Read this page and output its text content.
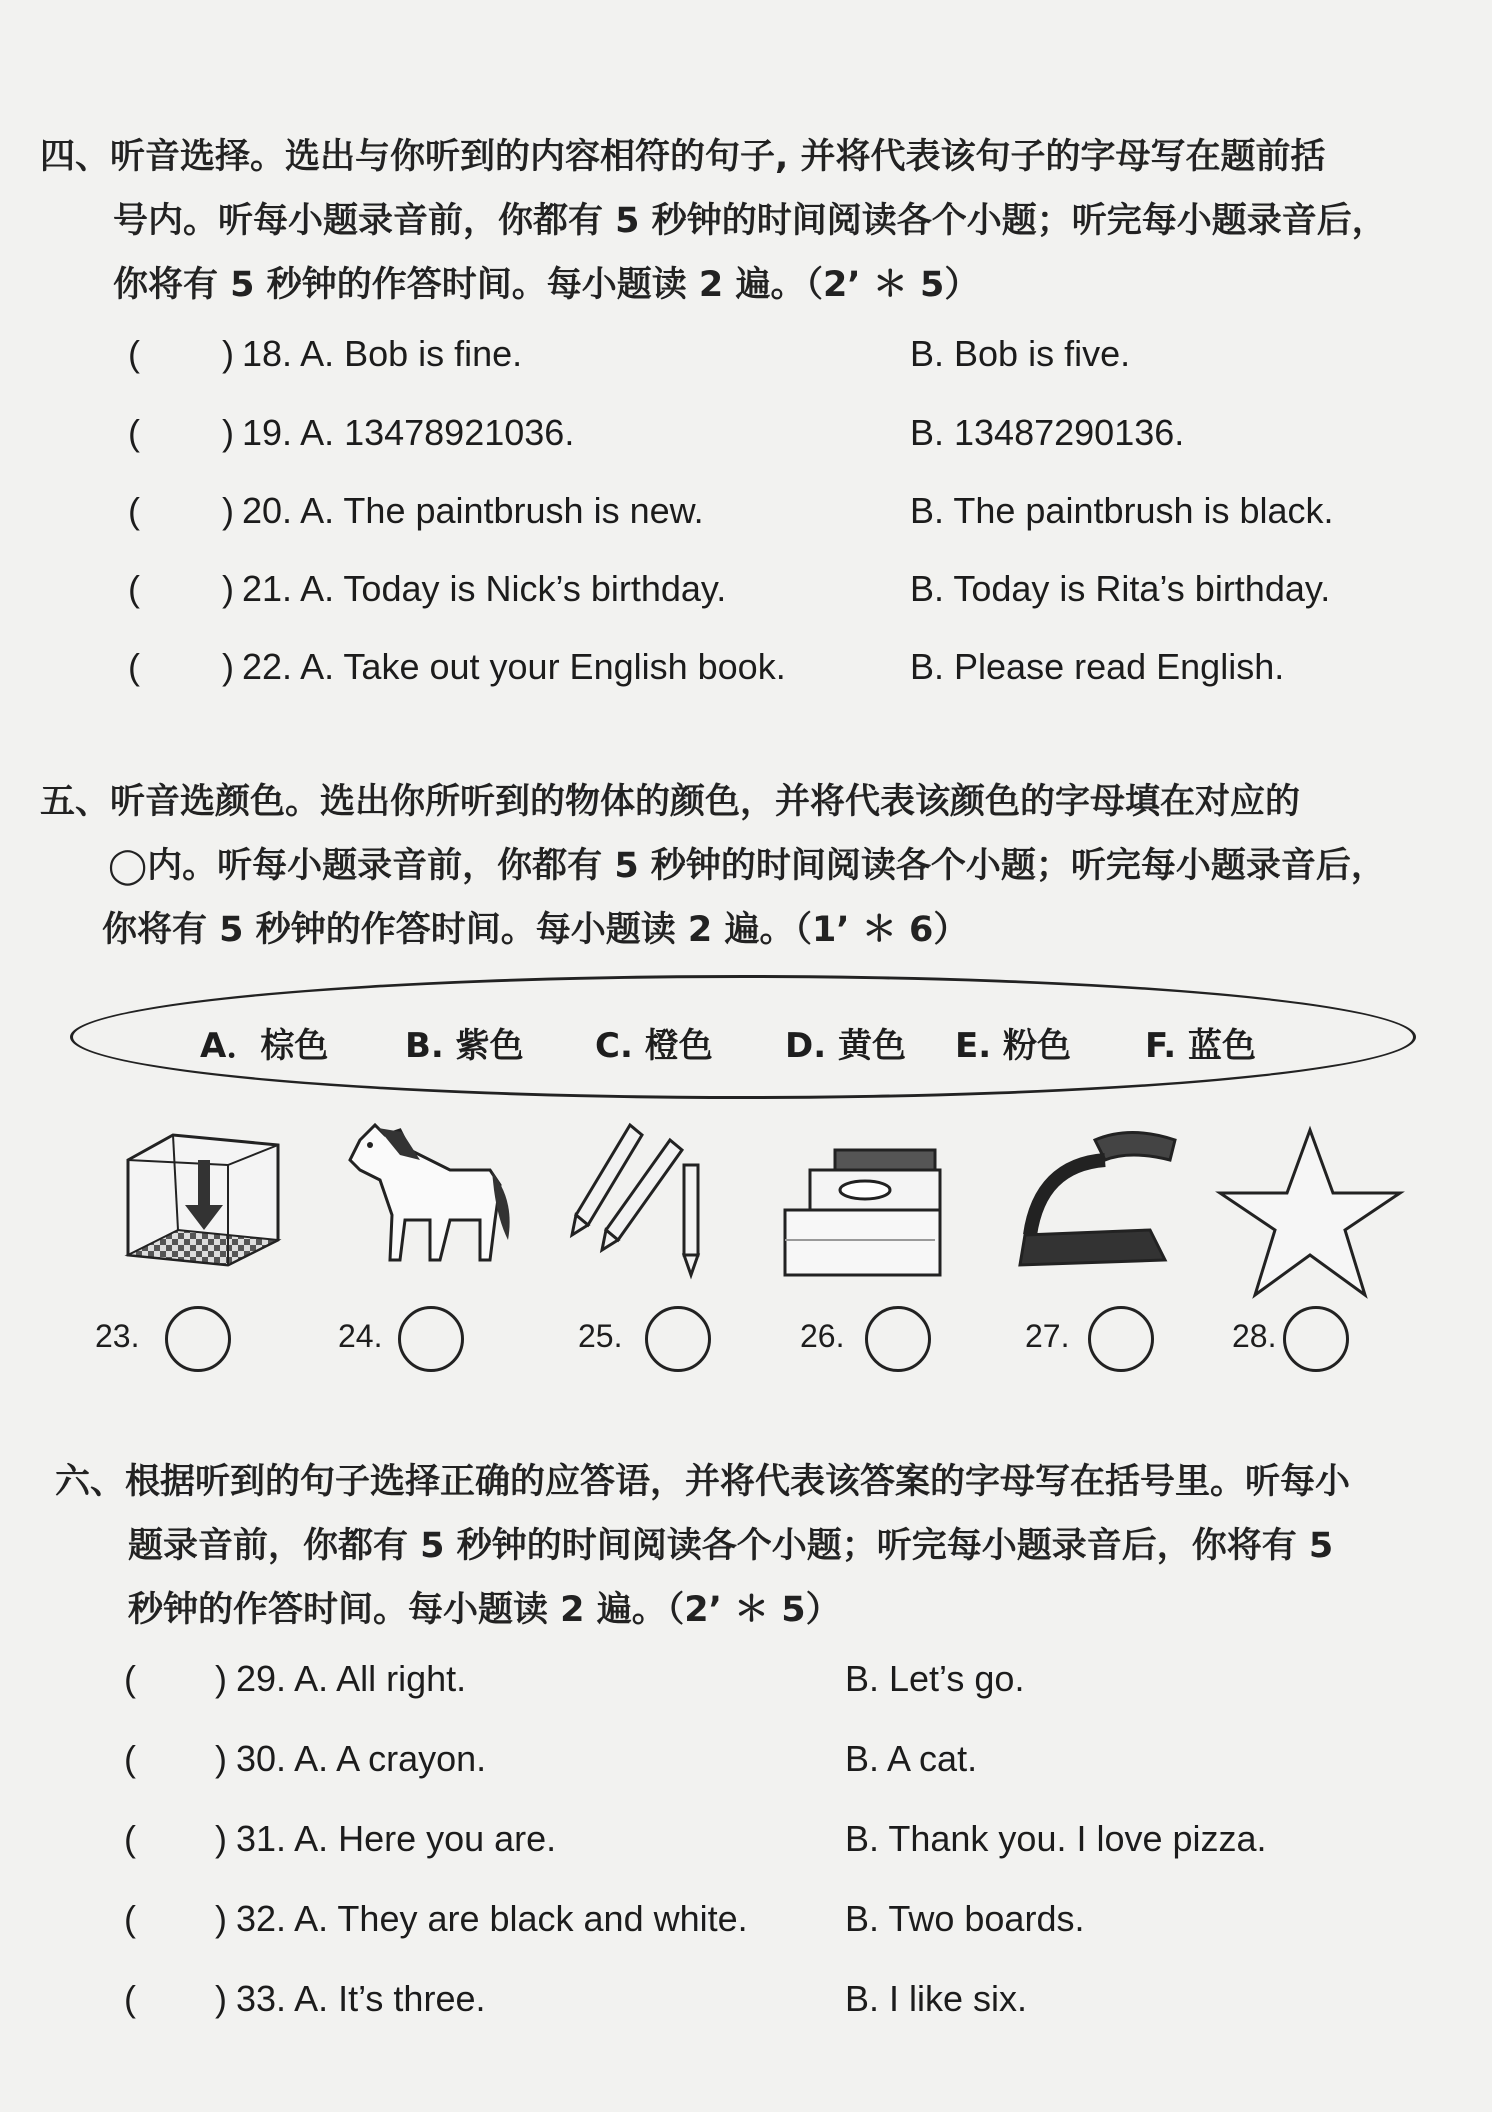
四、听音选择。选出与你听到的内容相符的句子, 并将代表该句子的字母写在题前括
号内。听每小题录音前，你都有 5 秒钟的时间阅读各个小题；听完每小题录音后，
你将有 5 秒钟的作答时间。每小题读 2 遍。（2’ ＊ 5）
( ) 18. A. Bob is fine.	B. Bob is five.
( ) 19. A. 13478921036.	B. 13487290136.
( ) 20. A. The paintbrush is new.	B. The paintbrush is black.
( ) 21. A. Today is Nick’s birthday.	B. Today is Rita’s birthday.
( ) 22. A. Take out your English book.	B. Please read English.
五、听音选颜色。选出你所听到的物体的颜色，并将代表该颜色的字母填在对应的
◯内。听每小题录音前，你都有 5 秒钟的时间阅读各个小题；听完每小题录音后，
你将有 5 秒钟的作答时间。每小题读 2 遍。（1’ ＊ 6）
A．棕色 B. 紫色 C. 橙色 D. 黄色 E. 粉色 F. 蓝色
23.	24.	25.	26.	27.	28.
六、根据听到的句子选择正确的应答语，并将代表该答案的字母写在括号里。听每小
题录音前，你都有 5 秒钟的时间阅读各个小题；听完每小题录音后，你将有 5
秒钟的作答时间。每小题读 2 遍。（2’ ＊ 5）
( ) 29. A. All right.	B. Let’s go.
( ) 30. A. A crayon.	B. A cat.
( ) 31. A. Here you are.	B. Thank you. I love pizza.
( ) 32. A. They are black and white.	B. Two boards.
( ) 33. A. It’s three.	B. I like six.
